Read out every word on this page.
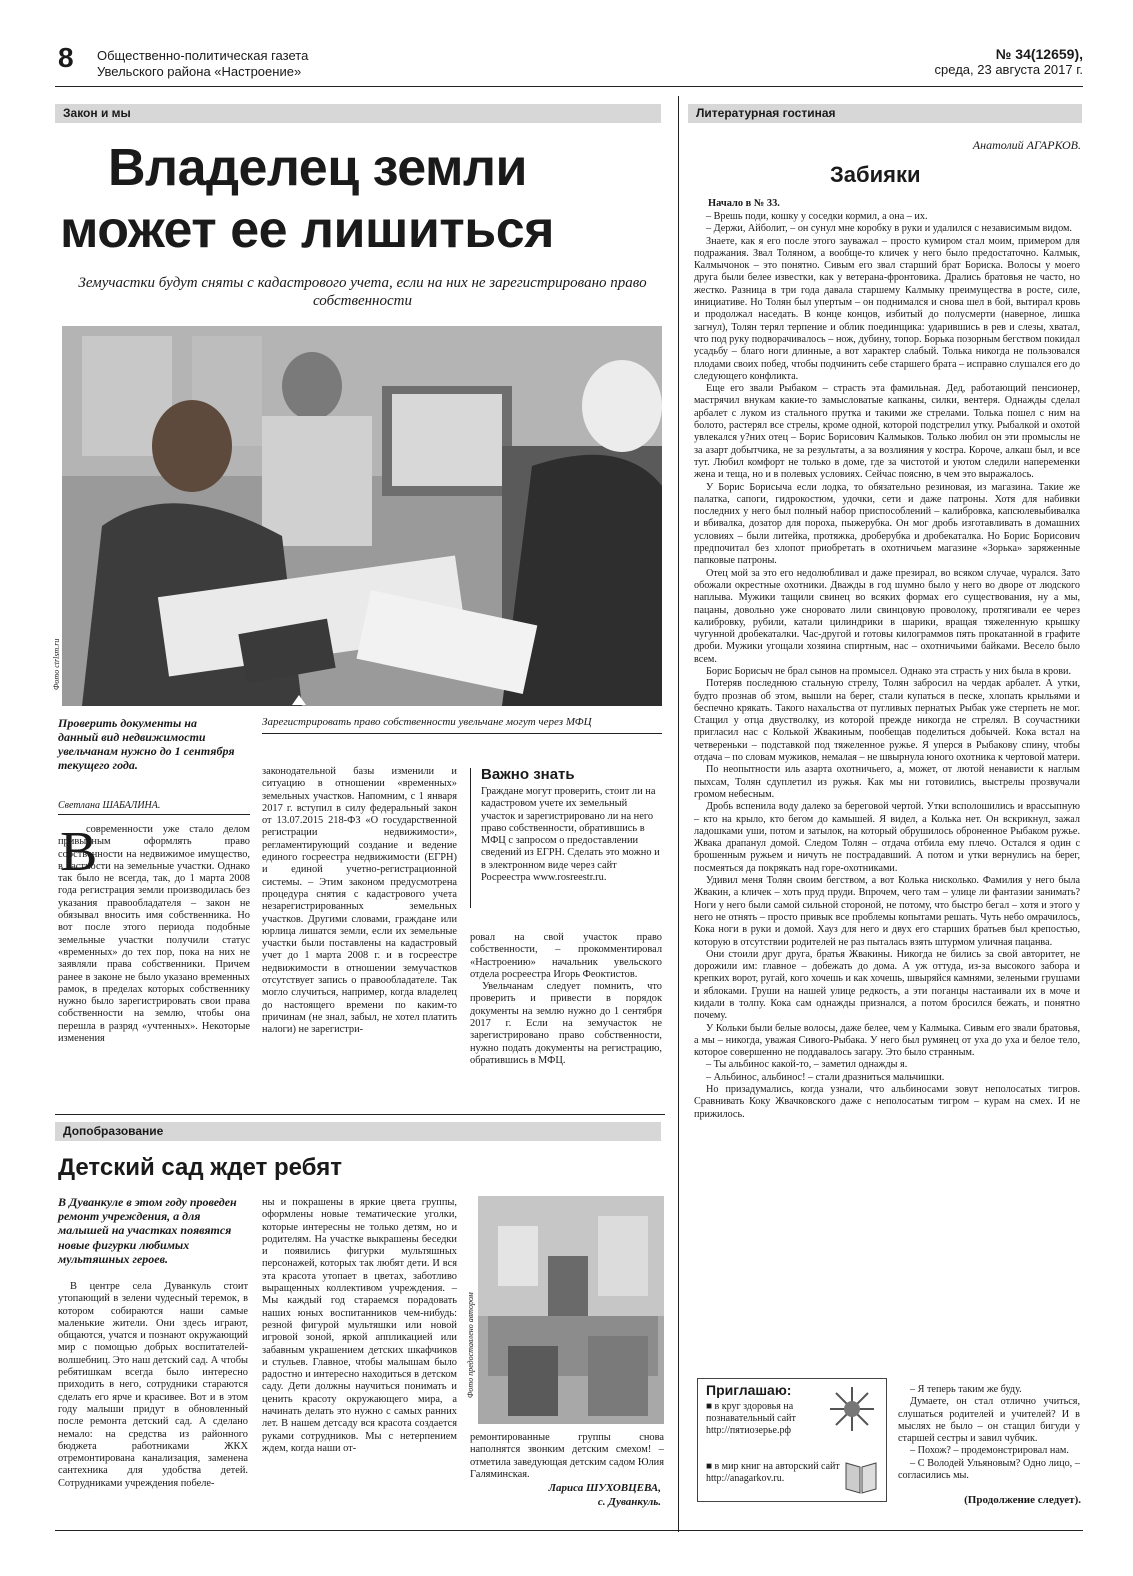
8 Общественно-политическая газета
Увельского района «Настроение»
№ 34(12659),
среда, 23 августа 2017 г.
Закон и мы
Владелец земли
может ее лишиться
Земучастки будут сняты с кадастрового учета, если на них не зарегистрировано право собственности
Фото ctrlsm.ru
Проверить документы на данный вид недвижимости увельчанам нужно до 1 сентября текущего года.
Зарегистрировать право собственности увельчане могут через МФЦ
Светлана ШАБАЛИНА.
В

современности уже стало делом привычным оформлять право собственности на недвижимое имущество, в частности на земельные участки. Однако так было не всегда, так, до 1 марта 2008 года регистрация земли производилась без указания правообладателя – закон не обязывал вносить имя собственника. Но вот после этого периода подобные земельные участки получили статус «временных» до тех пор, пока на них не заявляли права собственники. Причем ранее в законе не было указано временных рамок, в пределах которых собственнику нужно было зарегистрировать свои права собственности на землю, чтобы она перешла в разряд «учтенных». Некоторые изменения

законодательной базы изменили и ситуацию в отношении «временных» земельных участков. Напомним, с 1 января 2017 г. вступил в силу федеральный закон от 13.07.2015 218-ФЗ «О государственной регистрации недвижимости», регламентирующий создание и ведение единого госреестра недвижимости (ЕГРН) и единой учетно-регистрационной системы. – Этим законом предусмотрена процедура снятия с кадастрового учета незарегистрированных земельных участков. Другими словами, граждане или юрлица лишатся земли, если их земельные участки были поставлены на кадастровый учет до 1 марта 2008 г. и в госреестре недвижимости в отношении земучастков отсутствует запись о правообладателе. Так могло случиться, например, когда владелец до настоящего времени по каким-то причинам (не знал, забыл, не хотел платить налоги) не зарегистри-

Важно знать
Граждане могут проверить, стоит ли на кадастровом учете их земельный участок и зарегистрировано ли на него право собственности, обратившись в МФЦ с запросом о предоставлении сведений из ЕГРН. Сделать это можно и в электронном виде через сайт Росреестра www.rosreestr.ru.

ровал на свой участок право собственности, – прокомментировал «Настроению» начальник увельского отдела росреестра Игорь Феоктистов.

Увельчанам следует помнить, что проверить и привести в порядок документы на землю нужно до 1 сентября 2017 г. Если на земучасток не зарегистрировано право собственности, нужно подать документы на регистрацию, обратившись в МФЦ.

Допобразование
Детский сад ждет ребят
В Дуванкуле в этом году проведен ремонт учреждения, а для малышей на участках появятся новые фигурки любимых мультяшных героев.

В центре села Дуванкуль стоит утопающий в зелени чудесный теремок, в котором собираются наши самые маленькие жители. Они здесь играют, общаются, учатся и познают окружающий мир с помощью добрых воспитателей-волшебниц. Это наш детский сад. А чтобы ребятишкам всегда было интересно приходить в него, сотрудники стараются сделать его ярче и красивее. Вот и в этом году малыши придут в обновленный после ремонта детский сад. А сделано немало: на средства из районного бюджета работниками ЖКХ отремонтирована канализация, заменена сантехника для удобства детей. Сотрудниками учреждения побеле-

ны и покрашены в яркие цвета группы, оформлены новые тематические уголки, которые интересны не только детям, но и родителям. На участке выкрашены беседки и появились фигурки мультяшных персонажей, которых так любят дети. И вся эта красота утопает в цветах, заботливо выращенных коллективом учреждения. – Мы каждый год стараемся порадовать наших юных воспитанников чем-нибудь: резной фигурой мультяшки или новой игровой зоной, яркой аппликацией или забавным украшением детских шкафчиков и стульев. Главное, чтобы малышам было радостно и интересно находиться в детском саду. Дети должны научиться понимать и ценить красоту окружающего мира, а начинать делать это нужно с самых ранних лет. В нашем детсаду вся красота создается руками сотрудников. Мы с нетерпением ждем, когда наши от-

Фото предоставлено автором

ремонтированные группы снова наполнятся звонким детским смехом! – отметила заведующая детским садом Юлия Галяминская.

Лариса ШУХОВЦЕВА,
с. Дуванкуль.
Литературная гостиная
Анатолий АГАРКОВ.
Забияки
Начало в № 33.

– Врешь поди, кошку у соседки кормил, а она – их.

– Держи, Айболит, – он сунул мне коробку в руки и удалился с независимым видом.

Знаете, как я его после этого зауважал – просто кумиром стал моим, примером для подражания. Звал Толяном, а вообще-то кличек у него было предостаточно. Калмык, Калмычонок – это понятно. Сивым его звал старший брат Бориска. Волосы у моего друга были белее известки, как у ветерана-фронтовика. Дрались братовья не часто, но жестко. Разница в три года давала старшему Калмыку преимущества в росте, силе, инициативе. Но Толян был упертым – он поднимался и снова шел в бой, вытирал кровь и продолжал наседать. В конце концов, избитый до полусмерти (наверное, лишка загнул), Толян терял терпение и облик поединщика: ударившись в рев и слезы, хватал, что под руку подворачивалось – нож, дубину, топор. Борька позорным бегством покидал усадьбу – благо ноги длинные, а вот характер слабый. Толька никогда не пользовался плодами своих побед, чтобы подчинить себе старшего брата – исправно слушался его до следующего конфликта.

Еще его звали Рыбаком – страсть эта фамильная. Дед, работающий пенсионер, мастрячил внукам какие-то замысловатые капканы, силки, вентеря. Однажды сделал арбалет с луком из стального прутка и такими же стрелами. Толька пошел с ним на болото, растерял все стрелы, кроме одной, которой подстрелил утку. Рыбалкой и охотой увлекался у?них отец – Борис Борисович Калмыков. Только любил он эти промыслы не за азарт добытчика, не за результаты, а за возлияния у костра. Короче, алкаш был, и все тут. Любил комфорт не только в доме, где за чистотой и уютом следили напеременки жена и теща, но и в полевых условиях. Сейчас поясню, в чем это выражалось.

У Борис Борисыча если лодка, то обязательно резиновая, из магазина. Такие же палатка, сапоги, гидрокостюм, удочки, сети и даже патроны. Хотя для набивки последних у него был полный набор приспособлений – калибровка, капсюлевыбивалка и вбивалка, дозатор для пороха, пыжерубка. Он мог дробь изготавливать в домашних условиях – были литейка, протяжка, дроберубка и дробекаталка. Но Борис Борисович предпочитал без хлопот приобретать в охотничьем магазине «Зорька» заряженные папковые патроны.

Отец мой за это его недолюбливал и даже презирал, во всяком случае, чурался. Зато обожали окрестные охотники. Дважды в год шумно было у него во дворе от людского наплыва. Мужики тащили свинец во всяких формах его существования, ну а мы, пацаны, довольно уже сноровато лили свинцовую проволоку, протягивали ее через калибровку, рубили, катали цилиндрики в шарики, вращая тяжеленную крышку чугунной дробекаталки. Час-другой и готовы килограммов пять прокатанной в графите дроби. Мужики угощали хозяина спиртным, нас – охотничьими байками. Весело было всем.

Борис Борисыч не брал сынов на промысел. Однако эта страсть у них была в крови.

Потеряв последнюю стальную стрелу, Толян забросил на чердак арбалет. А утки, будто прознав об этом, вышли на берег, стали купаться в песке, хлопать крыльями и беспечно крякать. Такого нахальства от пугливых пернатых Рыбак уже стерпеть не мог. Стащил у отца двустволку, из которой прежде никогда не стрелял. В соучастники пригласил нас с Колькой Жвакиным, пообещав поделиться добычей. Кока встал на четвереньки – подставкой под тяжеленное ружье. Я уперся в Рыбакову спину, чтобы отдача – по словам мужиков, немалая – не швырнула юного охотника к чертовой матери.

По неопытности иль азарта охотничьего, а, может, от лютой ненависти к наглым пыхсам, Толян сдуплетил из ружья. Как мы ни готовились, выстрелы прозвучали громом небесным.

Дробь вспенила воду далеко за береговой чертой. Утки всполошились и врассыпную – кто на крыло, кто бегом до камышей. Я видел, а Колька нет. Он вскрикнул, зажал ладошками уши, потом и затылок, на который обрушилось оброненное Рыбаком ружье. Жвака драпанул домой. Следом Толян – отдача отбила ему плечо. Остался я один с брошенным ружьем и ничуть не пострадавший. А потом и утки вернулись на берег, посмеяться да покрякать над горе-охотниками.

Удивил меня Толян своим бегством, а вот Колька нисколько. Фамилия у него была Жвакин, а кличек – хоть пруд пруди. Впрочем, чего там – улице ли фантазии занимать? Ноги у него были самой сильной стороной, не потому, что быстро бегал – хотя и этого у него не отнять – просто привык все проблемы копытами решать. Чуть небо омрачилось, Кока ноги в руки и домой. Хауз для него и двух его старших братьев был крепостью, которую в отсутствии родителей не раз пыталась взять штурмом уличная пацанва.

Они стоили друг друга, братья Жвакины. Никогда не бились за свой авторитет, не дорожили им: главное – добежать до дома. А уж оттуда, из-за высокого забора и крепких ворот, ругай, кого хочешь и как хочешь, швыряйся камнями, зелеными грушами и яблоками. Груши на нашей улице редкость, а эти поганцы настаивали их в моче и кидали в толпу. Кока сам однажды признался, а потом бросился бежать, и понятно почему.

У Кольки были белые волосы, даже белее, чем у Калмыка. Сивым его звали братовья, а мы – никогда, уважая Сивого-Рыбака. У него был румянец от уха до уха и белое тело, которое совершенно не поддавалось загару. Это было странным.

– Ты альбинос какой-то, – заметил однажды я.

– Альбинос, альбинос! – стали дразниться мальчишки.

Но призадумались, когда узнали, что альбиносами зовут неполосатых тигров. Сравнивать Коку Жвачковского даже с неполосатым тигром – курам на смех. И не прижилось.

Приглашаю:
■ в круг здоровья на познавательный сайт http://пятиозерье.рф
■ в мир книг на авторский сайт http://anagarkov.ru.

– Я теперь таким же буду.

Думаете, он стал отлично учиться, слушаться родителей и учителей? И в мыслях не было – он стащил бигуди у старшей сестры и завил чубчик.

– Похож? – продемонстрировал нам.

– С Володей Ульяновым? Одно лицо, – согласились мы.

(Продолжение следует).
